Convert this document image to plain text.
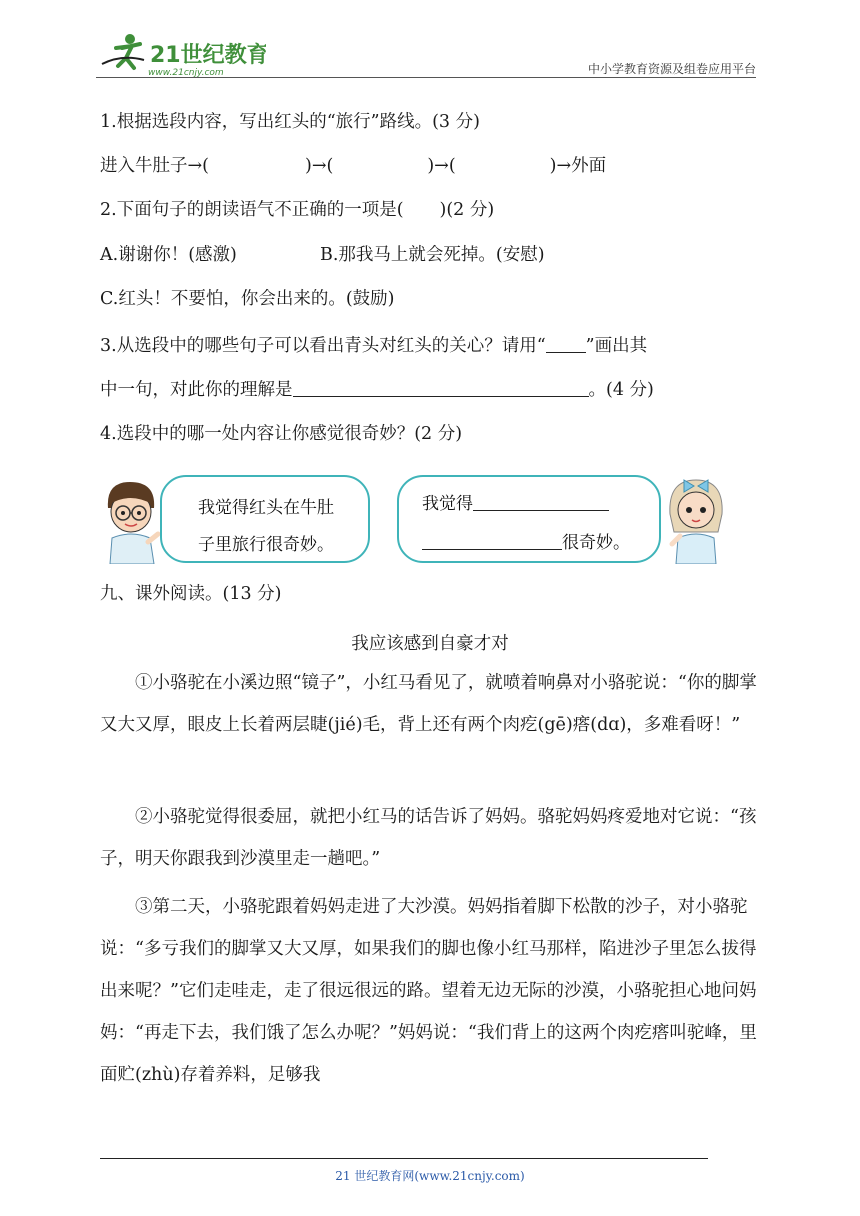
21世纪教育
www.21cnjy.com	中小学教育资源及组卷应用平台
1.根据选段内容，写出红头的“旅行”路线。(3 分)
进入牛肚子→(	)→(	)→(	)→外面
2.下面句子的朗读语气不正确的一项是( )(2 分)
A.谢谢你！(感激)	B.那我马上就会死掉。(安慰)
C.红头！不要怕，你会出来的。(鼓励)
3.从选段中的哪些句子可以看出青头对红头的关心？请用“ ”画出其
中一句，对此你的理解是	。(4 分)
4.选段中的哪一处内容让你感觉很奇妙？(2 分)
我觉得红头在牛肚
子里旅行很奇妙。
我觉得
很奇妙。
九、课外阅读。(13 分)
我应该感到自豪才对
①小骆驼在小溪边照“镜子”，小红马看见了，就喷着响鼻对小骆驼说：“你的脚掌又大又厚，眼皮上长着两层睫(jié)毛，背上还有两个肉疙(gē)瘩(dɑ)，多难看呀！”
②小骆驼觉得很委屈，就把小红马的话告诉了妈妈。骆驼妈妈疼爱地对它说：“孩子，明天你跟我到沙漠里走一趟吧。”
③第二天，小骆驼跟着妈妈走进了大沙漠。妈妈指着脚下松散的沙子，对小骆驼说：“多亏我们的脚掌又大又厚，如果我们的脚也像小红马那样，陷进沙子里怎么拔得出来呢？”它们走哇走，走了很远很远的路。望着无边无际的沙漠，小骆驼担心地问妈妈：“再走下去，我们饿了怎么办呢？”妈妈说：“我们背上的这两个肉疙瘩叫驼峰，里面贮(zhù)存着养料，足够我
21 世纪教育网(www.21cnjy.com)
